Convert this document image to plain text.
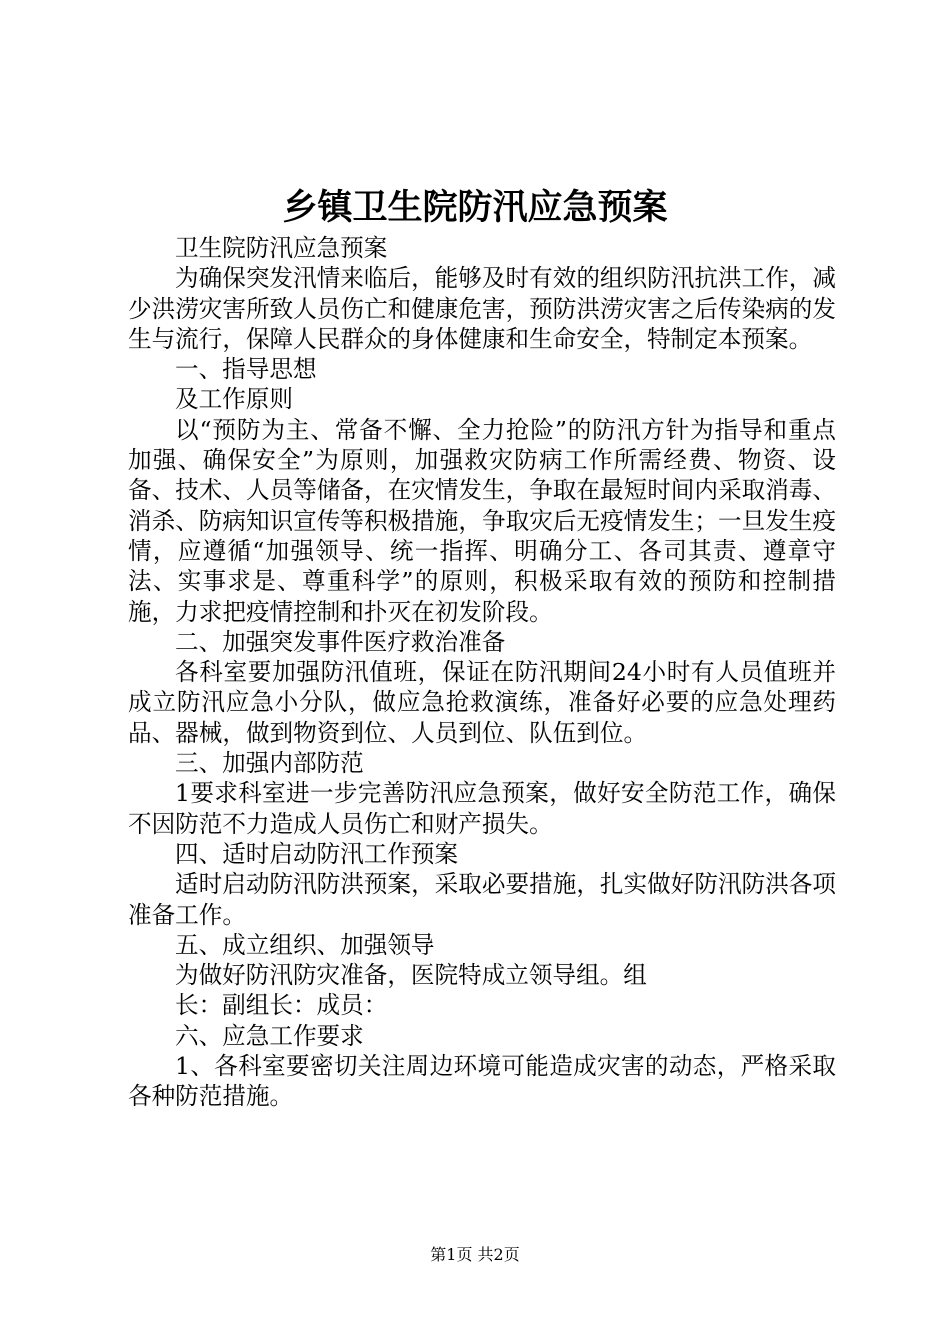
乡镇卫生院防汛应急预案

卫生院防汛应急预案

为确保突发汛情来临后，能够及时有效的组织防汛抗洪工作，减少洪涝灾害所致人员伤亡和健康危害，预防洪涝灾害之后传染病的发生与流行，保障人民群众的身体健康和生命安全，特制定本预案。

一、指导思想

及工作原则

以“预防为主、常备不懈、全力抢险”的防汛方针为指导和重点加强、确保安全”为原则，加强救灾防病工作所需经费、物资、设备、技术、人员等储备，在灾情发生，争取在最短时间内采取消毒、消杀、防病知识宣传等积极措施，争取灾后无疫情发生；一旦发生疫情，应遵循“加强领导、统一指挥、明确分工、各司其责、遵章守法、实事求是、尊重科学”的原则，积极采取有效的预防和控制措施，力求把疫情控制和扑灭在初发阶段。

二、加强突发事件医疗救治准备

各科室要加强防汛值班，保证在防汛期间24小时有人员值班并成立防汛应急小分队，做应急抢救演练，准备好必要的应急处理药品、器械，做到物资到位、人员到位、队伍到位。

三、加强内部防范

1要求科室进一步完善防汛应急预案，做好安全防范工作，确保不因防范不力造成人员伤亡和财产损失。

四、适时启动防汛工作预案

适时启动防汛防洪预案，采取必要措施，扎实做好防汛防洪各项准备工作。

五、成立组织、加强领导

为做好防汛防灾准备，医院特成立领导组。组

长：副组长：成员：

六、应急工作要求

1、各科室要密切关注周边环境可能造成灾害的动态，严格采取各种防范措施。

第1页 共2页
